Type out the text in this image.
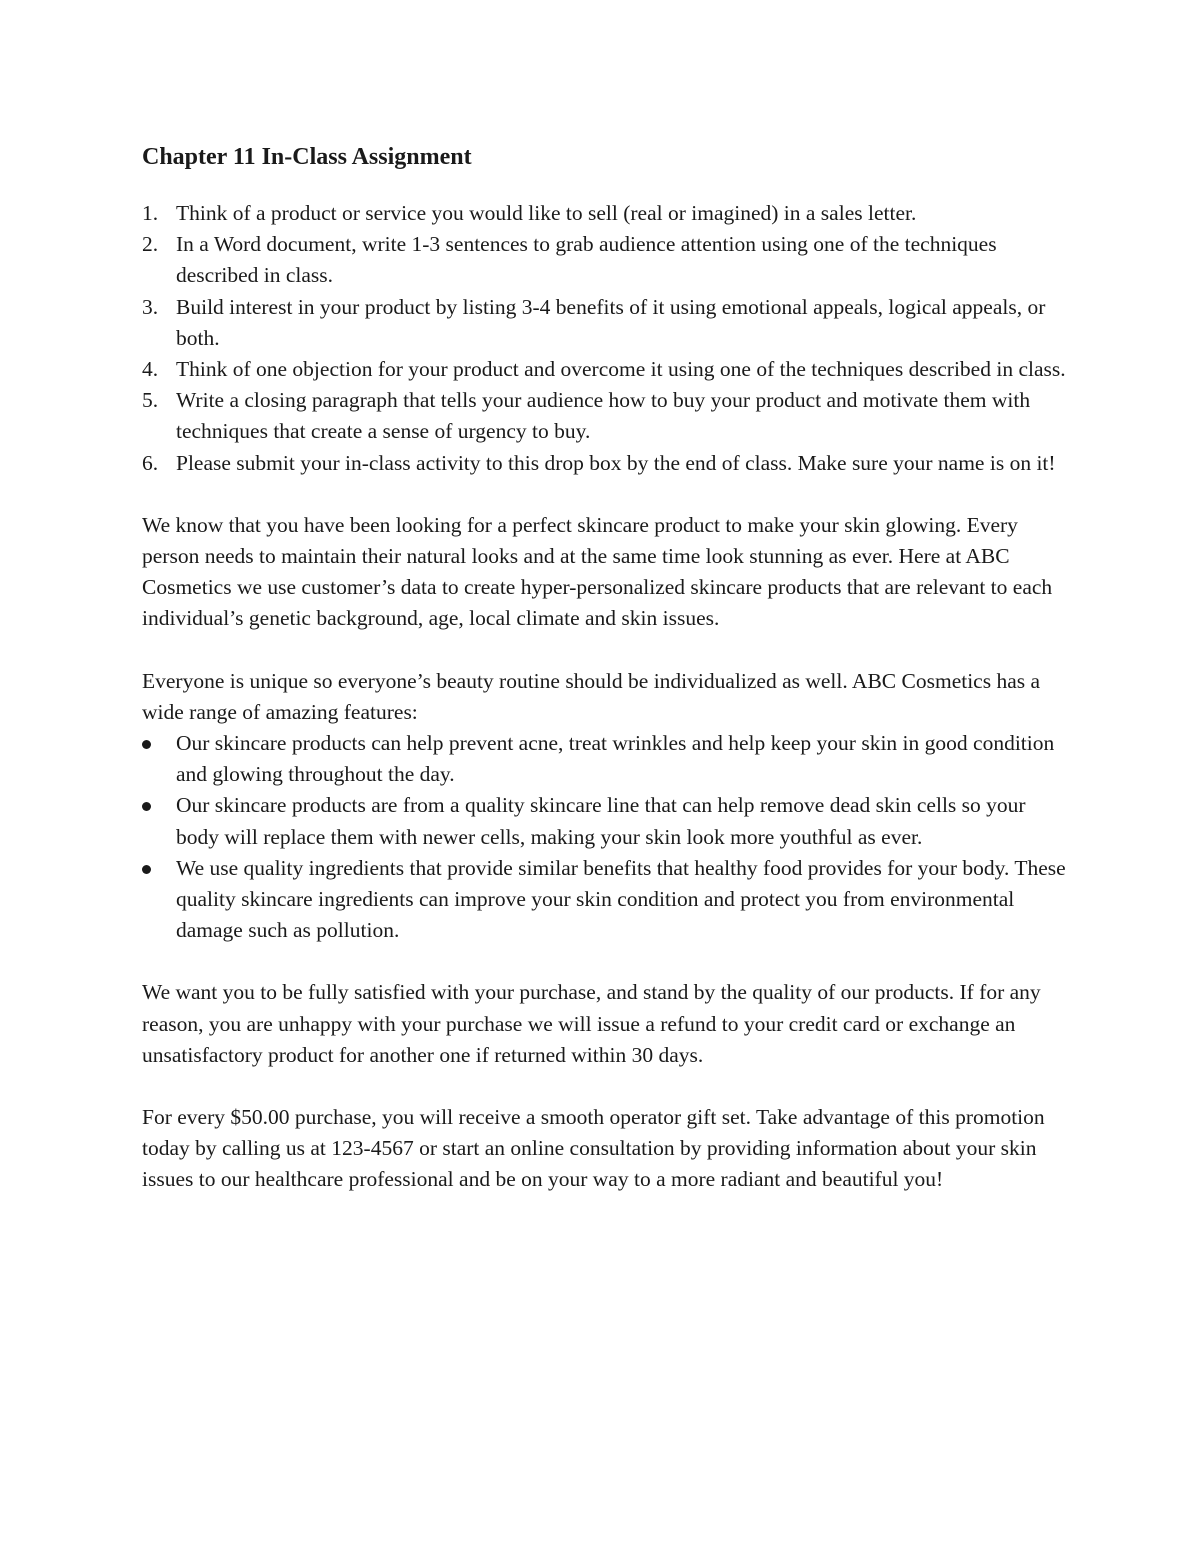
Chapter 11 In-Class Assignment
1. Think of a product or service you would like to sell (real or imagined) in a sales letter.
2. In a Word document, write 1-3 sentences to grab audience attention using one of the techniques described in class.
3. Build interest in your product by listing 3-4 benefits of it using emotional appeals, logical appeals, or both.
4. Think of one objection for your product and overcome it using one of the techniques described in class.
5. Write a closing paragraph that tells your audience how to buy your product and motivate them with techniques that create a sense of urgency to buy.
6. Please submit your in-class activity to this drop box by the end of class. Make sure your name is on it!

We know that you have been looking for a perfect skincare product to make your skin glowing. Every person needs to maintain their natural looks and at the same time look stunning as ever. Here at ABC Cosmetics we use customer’s data to create hyper-personalized skincare products that are relevant to each individual’s genetic background, age, local climate and skin issues.

Everyone is unique so everyone’s beauty routine should be individualized as well. ABC Cosmetics has a wide range of amazing features:

Our skincare products can help prevent acne, treat wrinkles and help keep your skin in good condition and glowing throughout the day.
Our skincare products are from a quality skincare line that can help remove dead skin cells so your body will replace them with newer cells, making your skin look more youthful as ever.
We use quality ingredients that provide similar benefits that healthy food provides for your body. These quality skincare ingredients can improve your skin condition and protect you from environmental damage such as pollution.

We want you to be fully satisfied with your purchase, and stand by the quality of our products. If for any reason, you are unhappy with your purchase we will issue a refund to your credit card or exchange an unsatisfactory product for another one if returned within 30 days.

For every $50.00 purchase, you will receive a smooth operator gift set. Take advantage of this promotion today by calling us at 123-4567 or start an online consultation by providing information about your skin issues to our healthcare professional and be on your way to a more radiant and beautiful you!
